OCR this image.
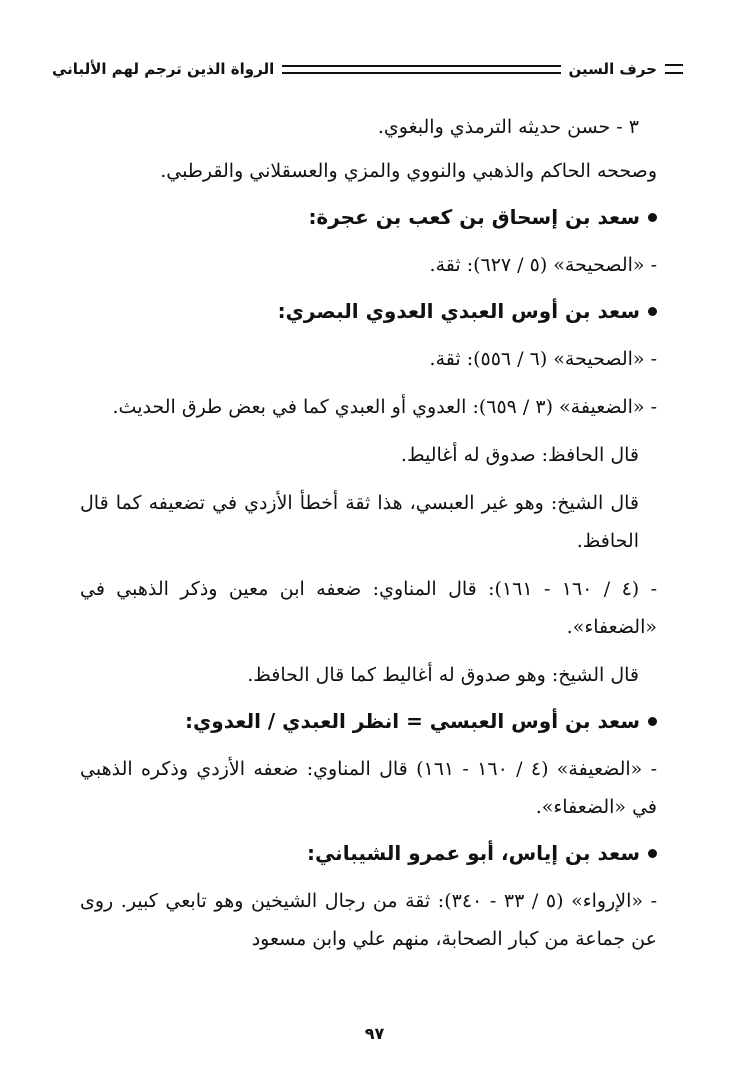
حرف السين
الرواة الذين ترجم لهم الألباني

٣ - حسن حديثه الترمذي والبغوي.

وصححه الحاكم والذهبي والنووي والمزي والعسقلاني والقرطبي.

سعد بن إسحاق بن كعب بن عجرة:

- «الصحيحة» (٥ / ٦٢٧): ثقة.

سعد بن أوس العبدي العدوي البصري:

- «الصحيحة» (٦ / ٥٥٦): ثقة.

- «الضعيفة» (٣ / ٦٥٩): العدوي أو العبدي كما في بعض طرق الحديث.

قال الحافظ: صدوق له أغاليط.

قال الشيخ: وهو غير العبسي، هذا ثقة أخطأ الأزدي في تضعيفه كما قال الحافظ.

- (٤ / ١٦٠ - ١٦١): قال المناوي: ضعفه ابن معين وذكر الذهبي في «الضعفاء».

قال الشيخ: وهو صدوق له أغاليط كما قال الحافظ.

سعد بن أوس العبسي = انظر العبدي / العدوي:

- «الضعيفة» (٤ / ١٦٠ - ١٦١) قال المناوي: ضعفه الأزدي وذكره الذهبي في «الضعفاء».

سعد بن إياس، أبو عمرو الشيباني:

- «الإرواء» (٥ / ٣٣ - ٣٤٠): ثقة من رجال الشيخين وهو تابعي كبير. روى عن جماعة من كبار الصحابة، منهم علي وابن مسعود

٩٧
